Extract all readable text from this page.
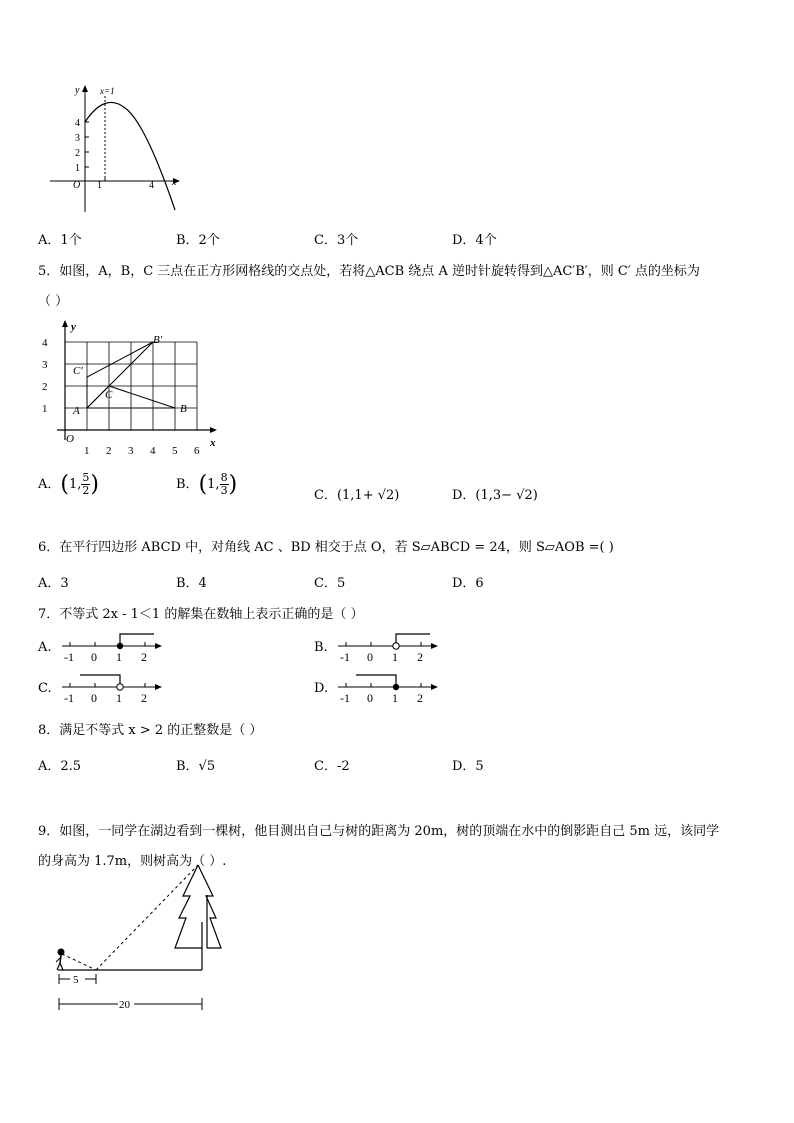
y
x
O
x=1
1
2
3
4
1	4
A．1个	B．2个	C．3个	D．4个
5．如图，A，B，C 三点在正方形网格线的交点处，若将△ACB 绕点 A 逆时针旋转得到△AC′B′，则 C′ 点的坐标为
（ ）
y
x
O
1 2 3 4 5 6
1
2
3
4
A	B
C
C′
B′
A．(1, $\frac{5}{2}$ )	B．(1, $\frac{8}{3}$ )	C．(1,1+ √2)	D．(1,3− √2)
6．在平行四边形 ABCD 中，对角线 AC 、BD 相交于点 O，若 S▱ABCD = 24，则 S▱AOB =( )
A．3	B．4	C．5	D．6
7．不等式 2x - 1＜1 的解集在数轴上表示正确的是（ ）
A.
-1 0 1 2
B.
-1 0 1 2
C.
-1 0 1 2
D.
-1 0 1 2
8．满足不等式 x > 2 的正整数是（ ）
A．2.5	B．√5	C．-2	D．5
9．如图，一同学在湖边看到一棵树，他目测出自己与树的距离为 20m，树的顶端在水中的倒影距自己 5m 远，该同学
的身高为 1.7m，则树高为（ ）.
5
20
